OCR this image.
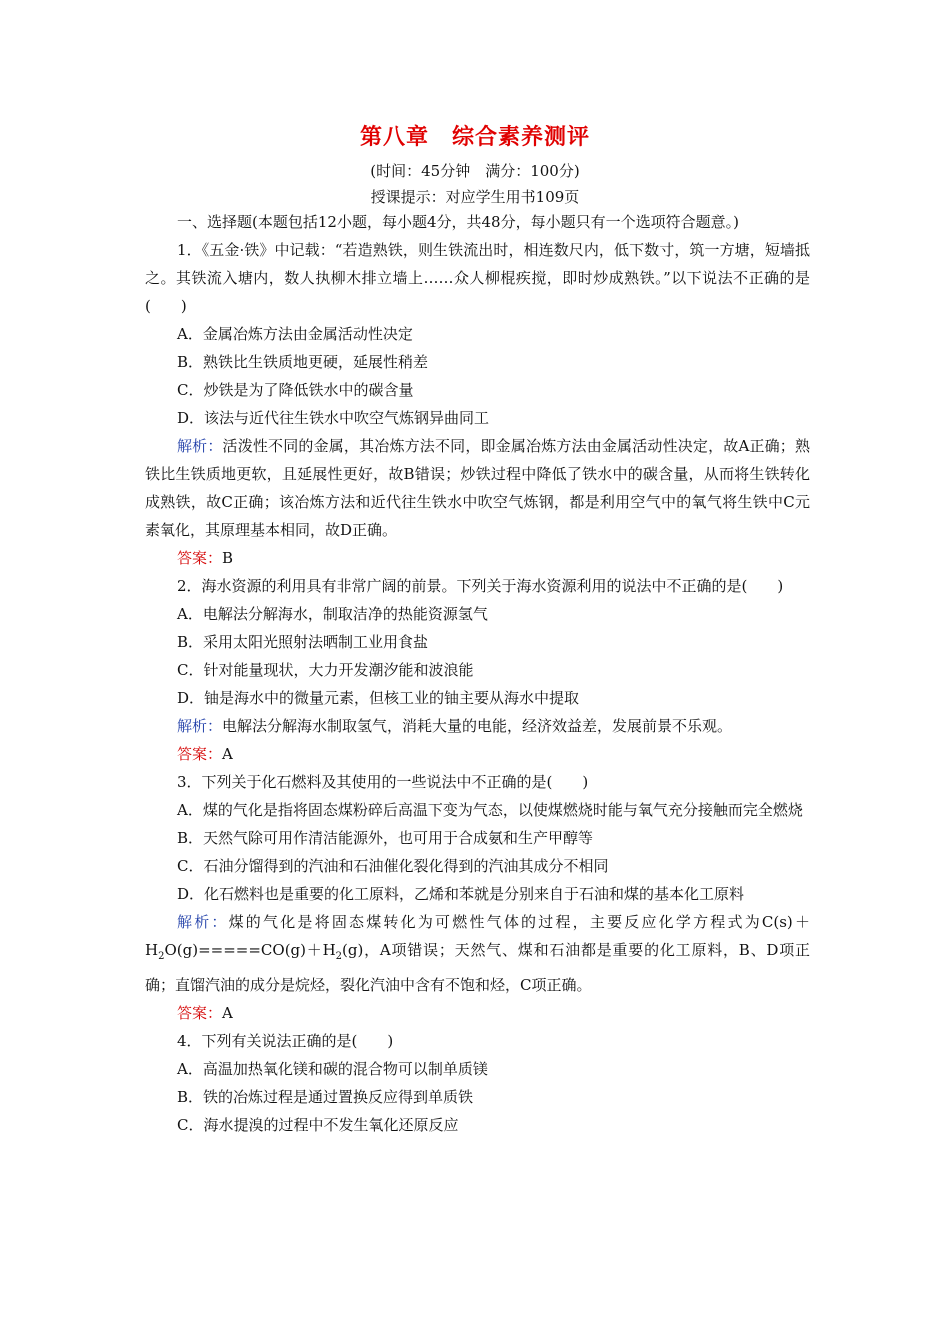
第八章　综合素养测评
(时间：45分钟　满分：100分)
授课提示：对应学生用书109页

一、选择题(本题包括12小题，每小题4分，共48分，每小题只有一个选项符合题意。)

1．《五金·铁》中记载：“若造熟铁，则生铁流出时，相连数尺内，低下数寸，筑一方塘，短墙抵之。其铁流入塘内，数人执柳木排立墙上……众人柳棍疾搅，即时炒成熟铁。”以下说法不正确的是(　　)

A．金属冶炼方法由金属活动性决定

B．熟铁比生铁质地更硬，延展性稍差

C．炒铁是为了降低铁水中的碳含量

D．该法与近代往生铁水中吹空气炼钢异曲同工

解析：活泼性不同的金属，其冶炼方法不同，即金属冶炼方法由金属活动性决定，故A正确；熟铁比生铁质地更软，且延展性更好，故B错误；炒铁过程中降低了铁水中的碳含量，从而将生铁转化成熟铁，故C正确；该冶炼方法和近代往生铁水中吹空气炼钢，都是利用空气中的氧气将生铁中C元素氧化，其原理基本相同，故D正确。

答案：B

2．海水资源的利用具有非常广阔的前景。下列关于海水资源利用的说法中不正确的是(　　)

A．电解法分解海水，制取洁净的热能资源氢气

B．采用太阳光照射法晒制工业用食盐

C．针对能量现状，大力开发潮汐能和波浪能

D．铀是海水中的微量元素，但核工业的铀主要从海水中提取

解析：电解法分解海水制取氢气，消耗大量的电能，经济效益差，发展前景不乐观。

答案：A

3．下列关于化石燃料及其使用的一些说法中不正确的是(　　)

A．煤的气化是指将固态煤粉碎后高温下变为气态，以使煤燃烧时能与氧气充分接触而完全燃烧

B．天然气除可用作清洁能源外，也可用于合成氨和生产甲醇等

C．石油分馏得到的汽油和石油催化裂化得到的汽油其成分不相同

D．化石燃料也是重要的化工原料，乙烯和苯就是分别来自于石油和煤的基本化工原料

解析：煤的气化是将固态煤转化为可燃性气体的过程，主要反应化学方程式为$C(s)+H_2O(g)=====CO(g)+H_2(g)$，A项错误；天然气、煤和石油都是重要的化工原料，B、D项正确；直馏汽油的成分是烷烃，裂化汽油中含有不饱和烃，C项正确。

答案：A

4．下列有关说法正确的是(　　)

A．高温加热氧化镁和碳的混合物可以制单质镁

B．铁的冶炼过程是通过置换反应得到单质铁

C．海水提溴的过程中不发生氧化还原反应
